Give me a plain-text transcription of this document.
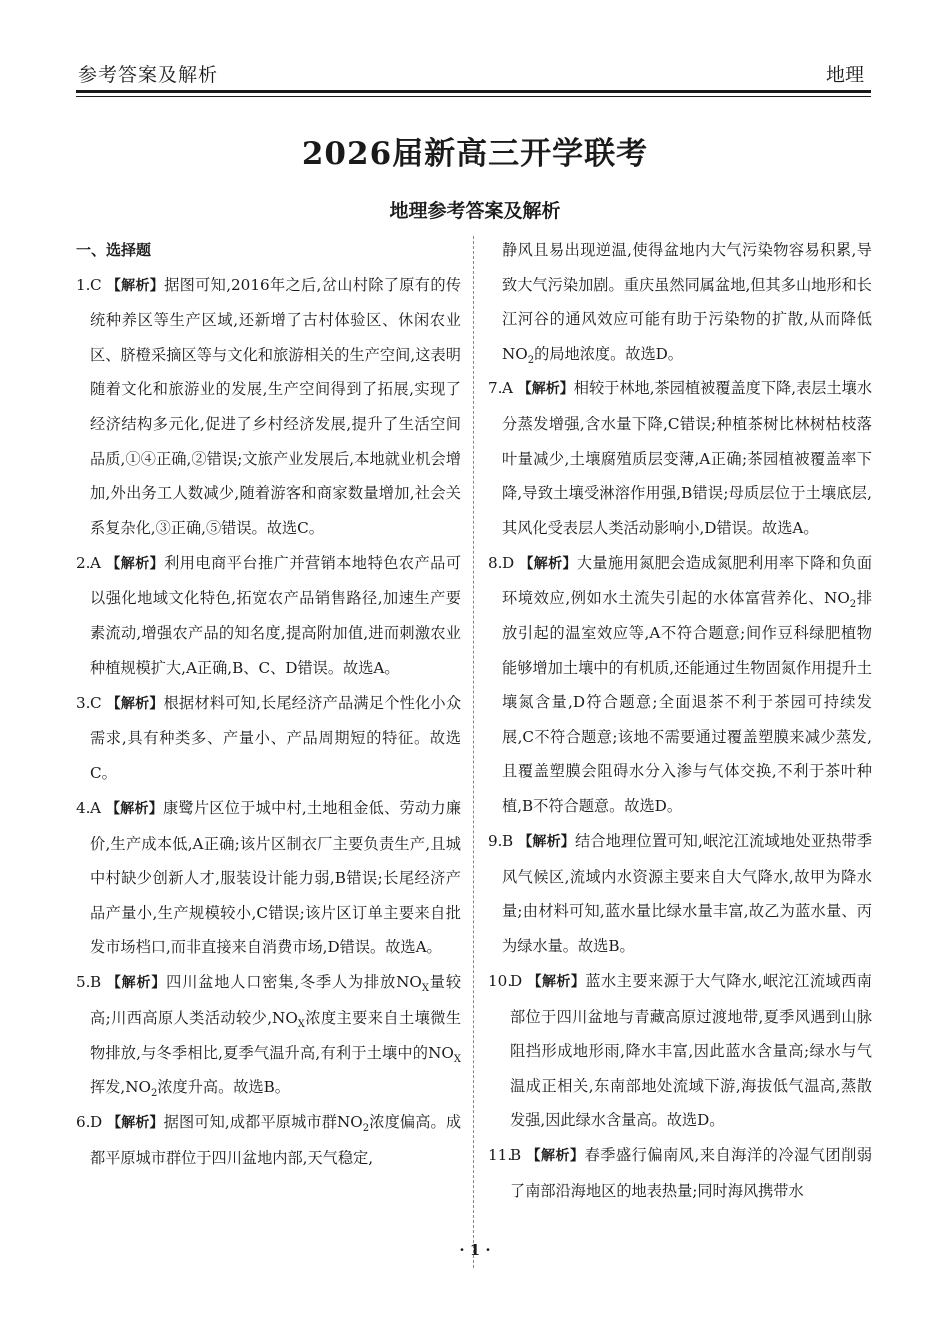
参考答案及解析	地理
2026届新高三开学联考
地理参考答案及解析
一、选择题
1. C 【解析】据图可知,2016年之后,岔山村除了原有的传统种养区等生产区域,还新增了古村体验区、休闲农业区、脐橙采摘区等与文化和旅游相关的生产空间,这表明随着文化和旅游业的发展,生产空间得到了拓展,实现了经济结构多元化,促进了乡村经济发展,提升了生活空间品质,①④正确,②错误;文旅产业发展后,本地就业机会增加,外出务工人数减少,随着游客和商家数量增加,社会关系复杂化,③正确,⑤错误。故选C。
2. A 【解析】利用电商平台推广并营销本地特色农产品可以强化地域文化特色,拓宽农产品销售路径,加速生产要素流动,增强农产品的知名度,提高附加值,进而刺激农业种植规模扩大,A正确,B、C、D错误。故选A。
3. C 【解析】根据材料可知,长尾经济产品满足个性化小众需求,具有种类多、产量小、产品周期短的特征。故选C。
4. A 【解析】康鹭片区位于城中村,土地租金低、劳动力廉价,生产成本低,A正确;该片区制衣厂主要负责生产,且城中村缺少创新人才,服装设计能力弱,B错误;长尾经济产品产量小,生产规模较小,C错误;该片区订单主要来自批发市场档口,而非直接来自消费市场,D错误。故选A。
5. B 【解析】四川盆地人口密集,冬季人为排放$NO_X$量较高;川西高原人类活动较少$,NO_X$浓度主要来自土壤微生物排放,与冬季相比,夏季气温升高,有利于土壤中的$NO_X$挥发$,NO_2$浓度升高。故选B。
6. D 【解析】据图可知,成都平原城市群$NO_2$浓度偏高。成都平原城市群位于四川盆地内部,天气稳定,
静风且易出现逆温,使得盆地内大气污染物容易积累,导致大气污染加剧。重庆虽然同属盆地,但其多山地形和长江河谷的通风效应可能有助于污染物的扩散,从而降低$NO_2$的局地浓度。故选D。
7. A 【解析】相较于林地,茶园植被覆盖度下降,表层土壤水分蒸发增强,含水量下降,C错误;种植茶树比林树枯枝落叶量减少,土壤腐殖质层变薄,A正确;茶园植被覆盖率下降,导致土壤受淋溶作用强,B错误;母质层位于土壤底层,其风化受表层人类活动影响小,D错误。故选A。
8. D 【解析】大量施用氮肥会造成氮肥利用率下降和负面环境效应,例如水土流失引起的水体富营养化、$NO_2$排放引起的温室效应等,A不符合题意;间作豆科绿肥植物能够增加土壤中的有机质,还能通过生物固氮作用提升土壤氮含量,D符合题意;全面退茶不利于茶园可持续发展,C不符合题意;该地不需要通过覆盖塑膜来减少蒸发,且覆盖塑膜会阻碍水分入渗与气体交换,不利于茶叶种植,B不符合题意。故选D。
9. B 【解析】结合地理位置可知,岷沱江流域地处亚热带季风气候区,流域内水资源主要来自大气降水,故甲为降水量;由材料可知,蓝水量比绿水量丰富,故乙为蓝水量、丙为绿水量。故选B。
10.
D 【解析】蓝水主要来源于大气降水,岷沱江流域西南部位于四川盆地与青藏高原过渡地带,夏季风遇到山脉阻挡形成地形雨,降水丰富,因此蓝水含量高;绿水与气温成正相关,东南部地处流域下游,海拔低气温高,蒸散发强,因此绿水含量高。故选D。
11.
B 【解析】春季盛行偏南风,来自海洋的冷湿气团削弱了南部沿海地区的地表热量;同时海风携带水
· 1 ·
